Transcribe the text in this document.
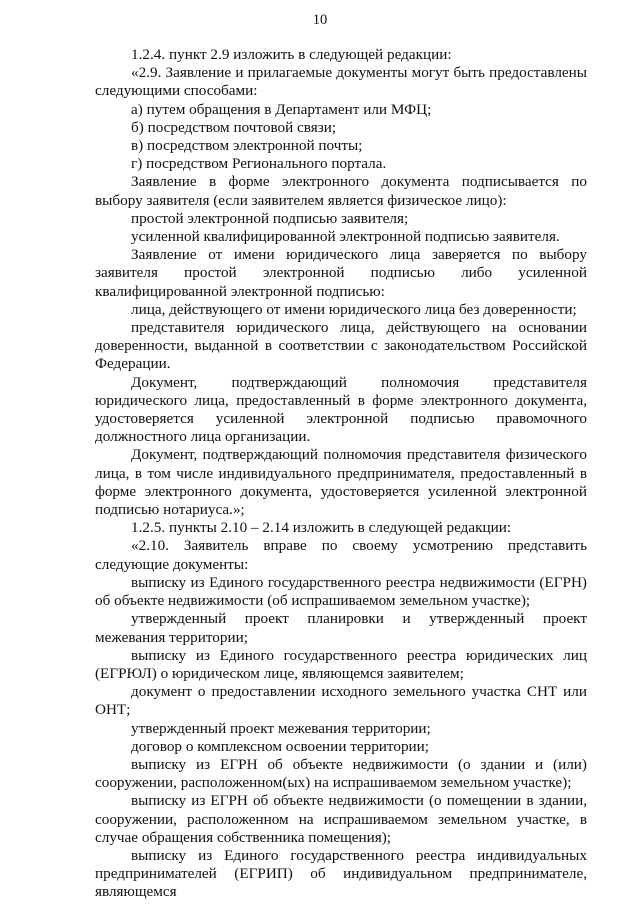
10

1.2.4. пункт 2.9 изложить в следующей редакции:

«2.9. Заявление и прилагаемые документы могут быть предоставлены следующими способами:

а) путем обращения в Департамент или МФЦ;

б) посредством почтовой связи;

в) посредством электронной почты;

г) посредством Регионального портала.

Заявление в форме электронного документа подписывается по выбору заявителя (если заявителем является физическое лицо):

простой электронной подписью заявителя;

усиленной квалифицированной электронной подписью заявителя.

Заявление от имени юридического лица заверяется по выбору заявителя простой электронной подписью либо усиленной квалифицированной электронной подписью:

лица, действующего от имени юридического лица без доверенности;

представителя юридического лица, действующего на основании доверенности, выданной в соответствии с законодательством Российской Федерации.

Документ, подтверждающий полномочия представителя юридического лица, предоставленный в форме электронного документа, удостоверяется усиленной электронной подписью правомочного должностного лица организации.

Документ, подтверждающий полномочия представителя физического лица, в том числе индивидуального предпринимателя, предоставленный в форме электронного документа, удостоверяется усиленной электронной подписью нотариуса.»;

1.2.5. пункты 2.10 – 2.14 изложить в следующей редакции:

«2.10. Заявитель вправе по своему усмотрению представить следующие документы:

выписку из Единого государственного реестра недвижимости (ЕГРН) об объекте недвижимости (об испрашиваемом земельном участке);

утвержденный проект планировки и утвержденный проект межевания территории;

выписку из Единого государственного реестра юридических лиц (ЕГРЮЛ) о юридическом лице, являющемся заявителем;

документ о предоставлении исходного земельного участка СНТ или ОНТ;

утвержденный проект межевания территории;

договор о комплексном освоении территории;

выписку из ЕГРН об объекте недвижимости (о здании и (или) сооружении, расположенном(ых) на испрашиваемом земельном участке);

выписку из ЕГРН об объекте недвижимости (о помещении в здании, сооружении, расположенном на испрашиваемом земельном участке, в случае обращения собственника помещения);

выписку из Единого государственного реестра индивидуальных предпринимателей (ЕГРИП) об индивидуальном предпринимателе, являющемся
